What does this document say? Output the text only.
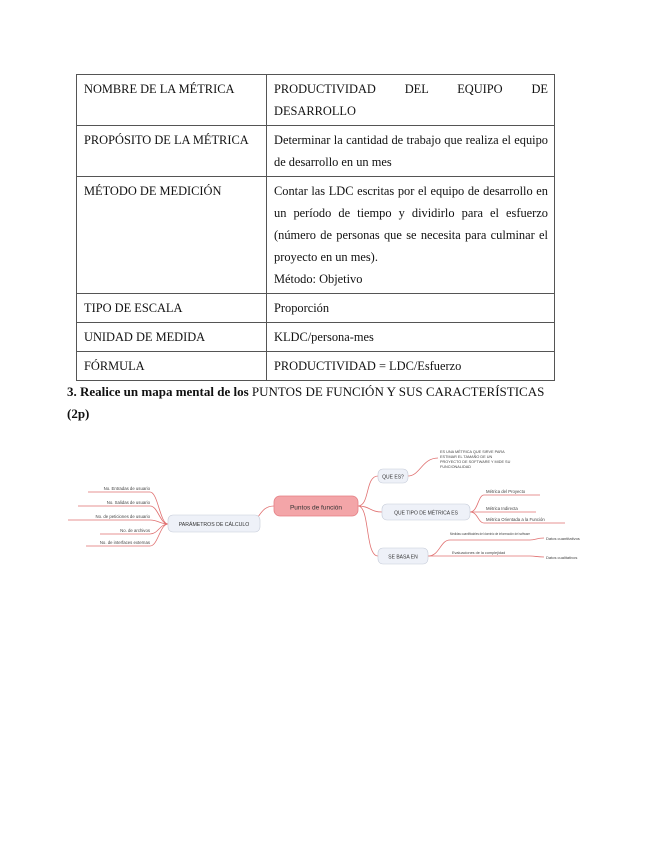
NOMBRE DE LA MÉTRICA	PRODUCTIVIDAD DEL EQUIPO DE DESARROLLO

PROPÓSITO DE LA MÉTRICA	Determinar la cantidad de trabajo que realiza el equipo de desarrollo en un mes
MÉTODO DE MEDICIÓN	Contar las LDC escritas por el equipo de desarrollo en un período de tiempo y dividirlo para el esfuerzo (número de personas que se necesita para culminar el proyecto en un mes).
Método: Objetivo

TIPO DE ESCALA	Proporción
UNIDAD DE MEDIDA	KLDC/persona-mes
FÓRMULA	PRODUCTIVIDAD = LDC/Esfuerzo
3. Realice un mapa mental de los PUNTOS DE FUNCIÓN Y SUS CARACTERÍSTICAS
(2p)
Puntos de función
PARÁMETROS DE CÁLCULO
No. Entradas de usuario
No. Salidas de usuario
No. de peticiones de usuario
No. de archivos
No. de interfaces externas
QUE ES?
ES UNA MÉTRICA QUE SIRVE PARA
ESTIMAR EL TAMAÑO DE UN
PROYECTO DE SOFTWARE Y MIDE SU
FUNCIONALIDAD
QUE TIPO DE MÉTRICA ES
Métrica del Proyecto
Métrica Indirecta
Métrica Orientada a la Función
SE BASA EN
Medidas cuantificables del dominio de información del software
Evaluaciones de la complejidad
Datos cuantitativos
Datos cualitativos
